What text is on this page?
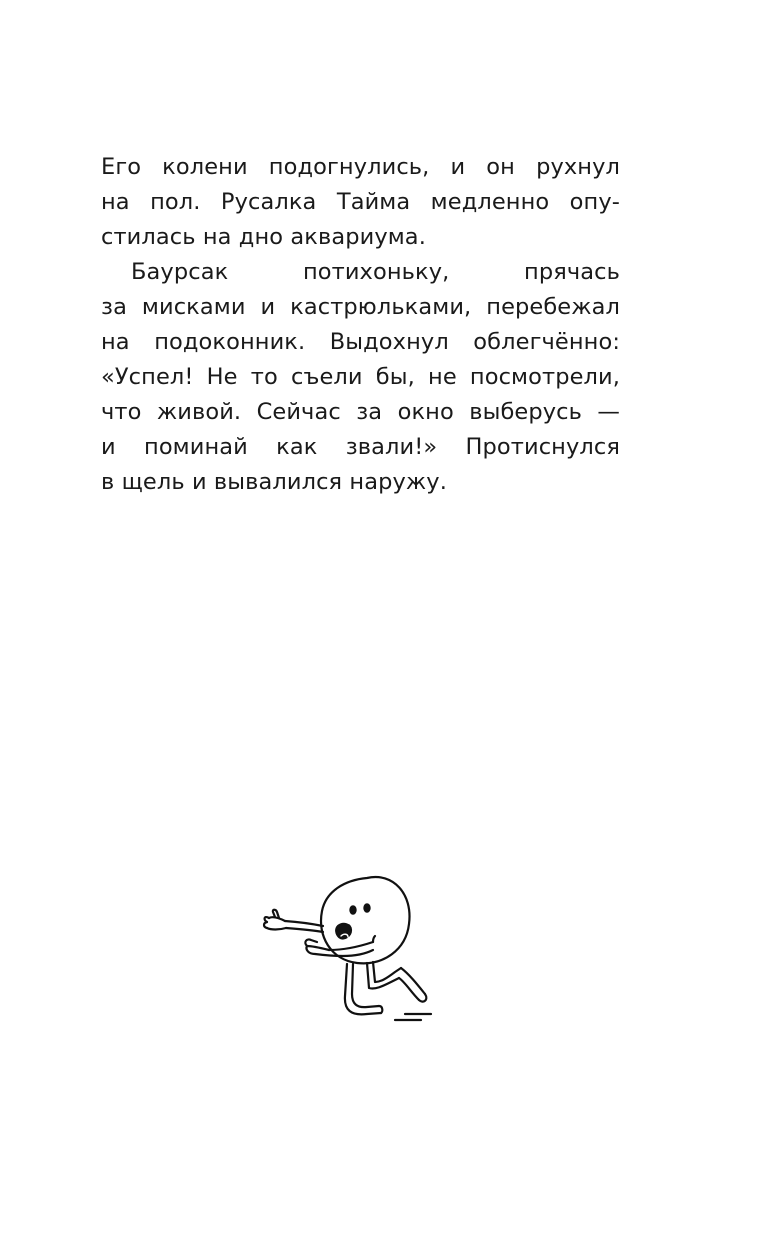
Его колени подогнулись, и он рухнул
на пол. Русалка Тайма медленно опу-
стилась на дно аквариума.
Баурсак потихоньку, прячась
за мисками и кастрюльками, перебежал
на подоконник. Выдохнул облегчённо:
«Успел! Не то съели бы, не посмотрели,
что живой. Сейчас за окно выберусь —
и поминай как звали!» Протиснулся
в щель и вывалился наружу.
